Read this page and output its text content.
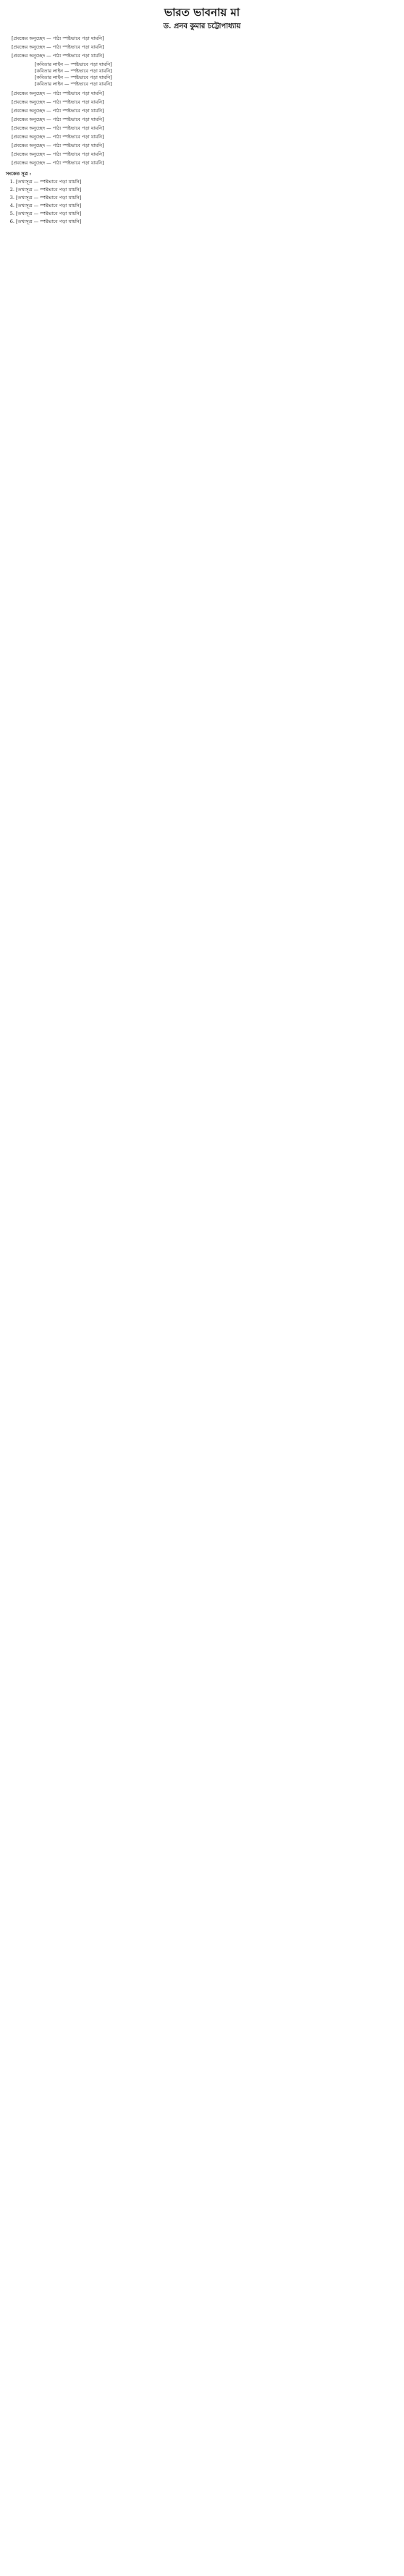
ভারত ভাবনায় মা
ড. প্রনব কুমার চট্টোপাধ্যায়

[প্রবন্ধের অনুচ্ছেদ — পাঠ্য স্পষ্টভাবে পড়া যায়নি]

[প্রবন্ধের অনুচ্ছেদ — পাঠ্য স্পষ্টভাবে পড়া যায়নি]

[প্রবন্ধের অনুচ্ছেদ — পাঠ্য স্পষ্টভাবে পড়া যায়নি]

[কবিতার লাইন — স্পষ্টভাবে পড়া যায়নি]
[কবিতার লাইন — স্পষ্টভাবে পড়া যায়নি]
[কবিতার লাইন — স্পষ্টভাবে পড়া যায়নি]
[কবিতার লাইন — স্পষ্টভাবে পড়া যায়নি]

[প্রবন্ধের অনুচ্ছেদ — পাঠ্য স্পষ্টভাবে পড়া যায়নি]

[প্রবন্ধের অনুচ্ছেদ — পাঠ্য স্পষ্টভাবে পড়া যায়নি]

[প্রবন্ধের অনুচ্ছেদ — পাঠ্য স্পষ্টভাবে পড়া যায়নি]

[প্রবন্ধের অনুচ্ছেদ — পাঠ্য স্পষ্টভাবে পড়া যায়নি]

[প্রবন্ধের অনুচ্ছেদ — পাঠ্য স্পষ্টভাবে পড়া যায়নি]

[প্রবন্ধের অনুচ্ছেদ — পাঠ্য স্পষ্টভাবে পড়া যায়নি]

[প্রবন্ধের অনুচ্ছেদ — পাঠ্য স্পষ্টভাবে পড়া যায়নি]

[প্রবন্ধের অনুচ্ছেদ — পাঠ্য স্পষ্টভাবে পড়া যায়নি]

[প্রবন্ধের অনুচ্ছেদ — পাঠ্য স্পষ্টভাবে পড়া যায়নি]

সংকেত সূত্র :
1. [তথ্যসূত্র — স্পষ্টভাবে পড়া যায়নি]
2. [তথ্যসূত্র — স্পষ্টভাবে পড়া যায়নি]
3. [তথ্যসূত্র — স্পষ্টভাবে পড়া যায়নি]
4. [তথ্যসূত্র — স্পষ্টভাবে পড়া যায়নি]
5. [তথ্যসূত্র — স্পষ্টভাবে পড়া যায়নি]
6. [তথ্যসূত্র — স্পষ্টভাবে পড়া যায়নি]
